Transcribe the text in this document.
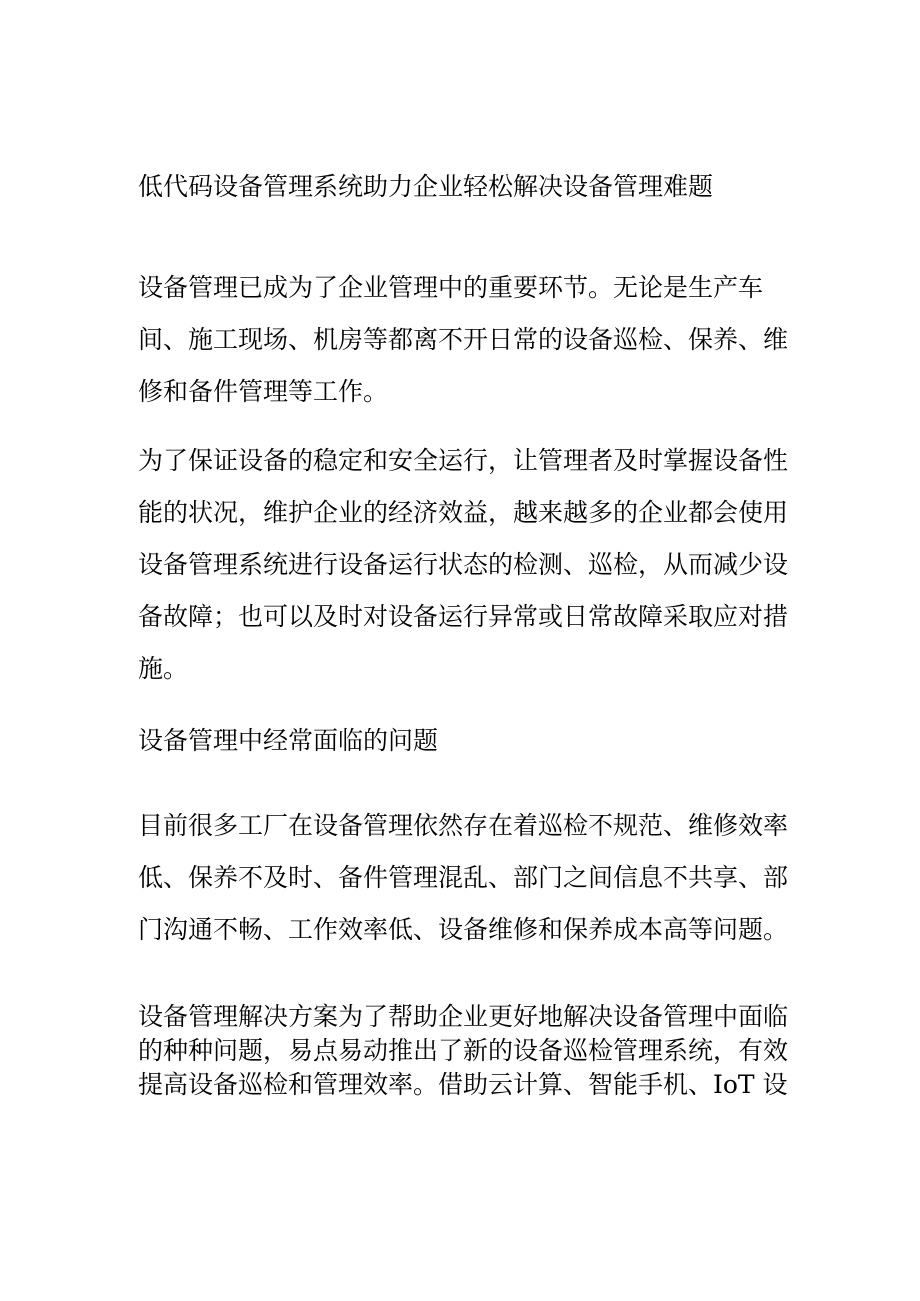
低代码设备管理系统助力企业轻松解决设备管理难题

设备管理已成为了企业管理中的重要环节。无论是生产车
间、施工现场、机房等都离不开日常的设备巡检、保养、维
修和备件管理等工作。

为了保证设备的稳定和安全运行，让管理者及时掌握设备性
能的状况，维护企业的经济效益，越来越多的企业都会使用
设备管理系统进行设备运行状态的检测、巡检，从而减少设
备故障；也可以及时对设备运行异常或日常故障采取应对措
施。

设备管理中经常面临的问题

目前很多工厂在设备管理依然存在着巡检不规范、维修效率
低、保养不及时、备件管理混乱、部门之间信息不共享、部
门沟通不畅、工作效率低、设备维修和保养成本高等问题。

设备管理解决方案为了帮助企业更好地解决设备管理中面临
的种种问题，易点易动推出了新的设备巡检管理系统，有效
提高设备巡检和管理效率。借助云计算、智能手机、IoT 设
